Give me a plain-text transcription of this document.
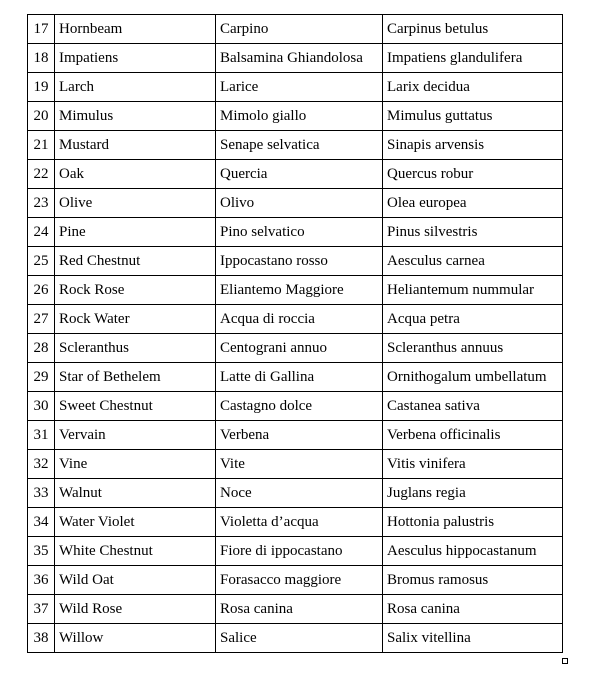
17	Hornbeam	Carpino	Carpinus betulus
18	Impatiens	Balsamina Ghiandolosa	Impatiens glandulifera
19	Larch	Larice	Larix decidua
20	Mimulus	Mimolo giallo	Mimulus guttatus
21	Mustard	Senape selvatica	Sinapis arvensis
22	Oak	Quercia	Quercus robur
23	Olive	Olivo	Olea europea
24	Pine	Pino selvatico	Pinus silvestris
25	Red Chestnut	Ippocastano rosso	Aesculus carnea
26	Rock Rose	Eliantemo Maggiore	Heliantemum nummular
27	Rock Water	Acqua di roccia	Acqua petra
28	Scleranthus	Centograni annuo	Scleranthus annuus
29	Star of Bethelem	Latte di Gallina	Ornithogalum umbellatum
30	Sweet Chestnut	Castagno dolce	Castanea sativa
31	Vervain	Verbena	Verbena officinalis
32	Vine	Vite	Vitis vinifera
33	Walnut	Noce	Juglans regia
34	Water Violet	Violetta d’acqua	Hottonia palustris
35	White Chestnut	Fiore di ippocastano	Aesculus hippocastanum
36	Wild Oat	Forasacco maggiore	Bromus ramosus
37	Wild Rose	Rosa canina	Rosa canina
38	Willow	Salice	Salix vitellina
